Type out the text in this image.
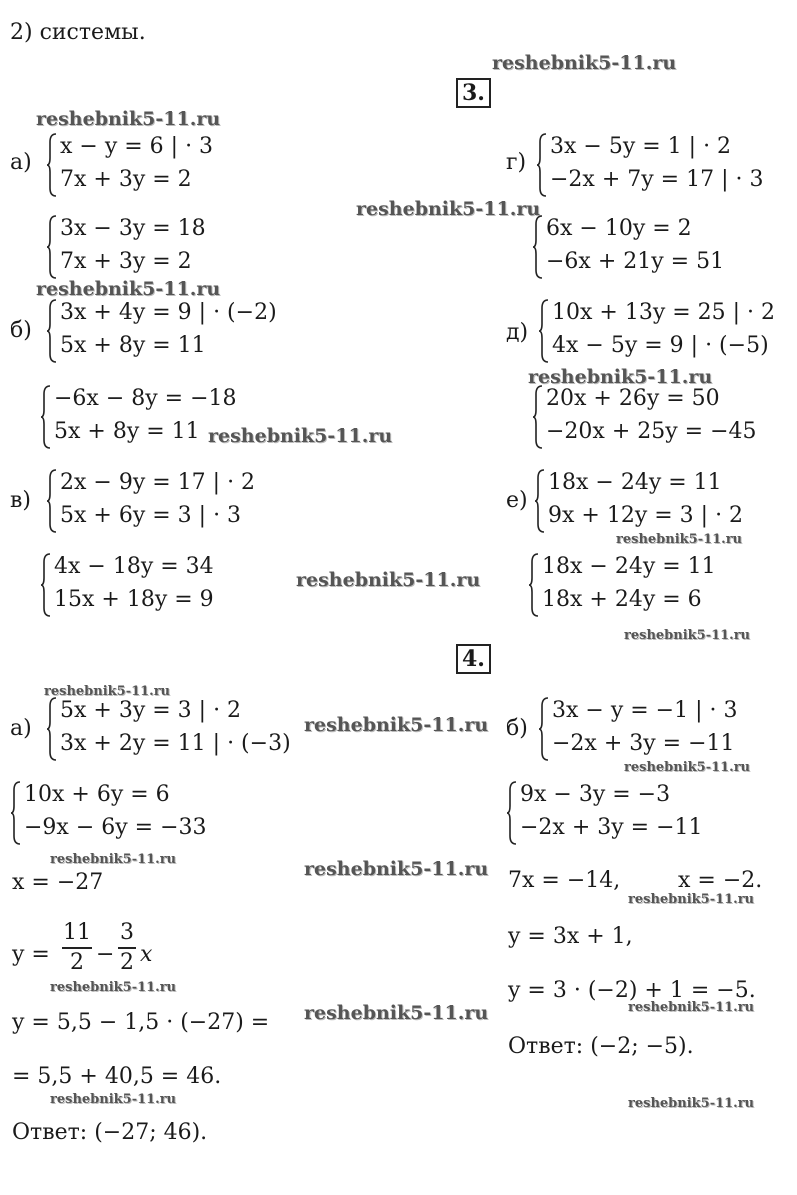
2) системы.
reshebnik5-11.ru
reshebnik5-11.ru
reshebnik5-11.ru
reshebnik5-11.ru
reshebnik5-11.ru
reshebnik5-11.ru
reshebnik5-11.ru
reshebnik5-11.ru
reshebnik5-11.ru
reshebnik5-11.ru
reshebnik5-11.ru
reshebnik5-11.ru
reshebnik5-11.ru	reshebnik5-11.ru
reshebnik5-11.ru
reshebnik5-11.ru
reshebnik5-11.ru	reshebnik5-11.ru
reshebnik5-11.ru	reshebnik5-11.ru
3.
а)
x − y = 6 | · 3
7x + 3y = 2
3x − 3y = 18
7x + 3y = 2
б)
3x + 4y = 9 | · (−2)
5x + 8y = 11
−6x − 8y = −18
5x + 8y = 11
в)
2x − 9y = 17 | · 2
5x + 6y = 3 | · 3
4x − 18y = 34
15x + 18y = 9
г)
3x − 5y = 1 | · 2
−2x + 7y = 17 | · 3
6x − 10y = 2
−6x + 21y = 51
д)
10x + 13y = 25 | · 2
4x − 5y = 9 | · (−5)
20x + 26y = 50
−20x + 25y = −45
е)
18x − 24y = 11
9x + 12y = 3 | · 2
18x − 24y = 11
18x + 24y = 6
4.
а)
5x + 3y = 3 | · 2
3x + 2y = 11 | · (−3)
10x + 6y = 6
−9x − 6y = −33
x = −27
y =
11
2 −
3
2 x
y = 5,5 − 1,5 · (−27) =
= 5,5 + 40,5 = 46.
Ответ: (−27; 46).
б)
3x − y = −1 | · 3
−2x + 3y = −11
9x − 3y = −3
−2x + 3y = −11
7x = −14,	x = −2.
y = 3x + 1,
y = 3 · (−2) + 1 = −5.
Ответ: (−2; −5).
